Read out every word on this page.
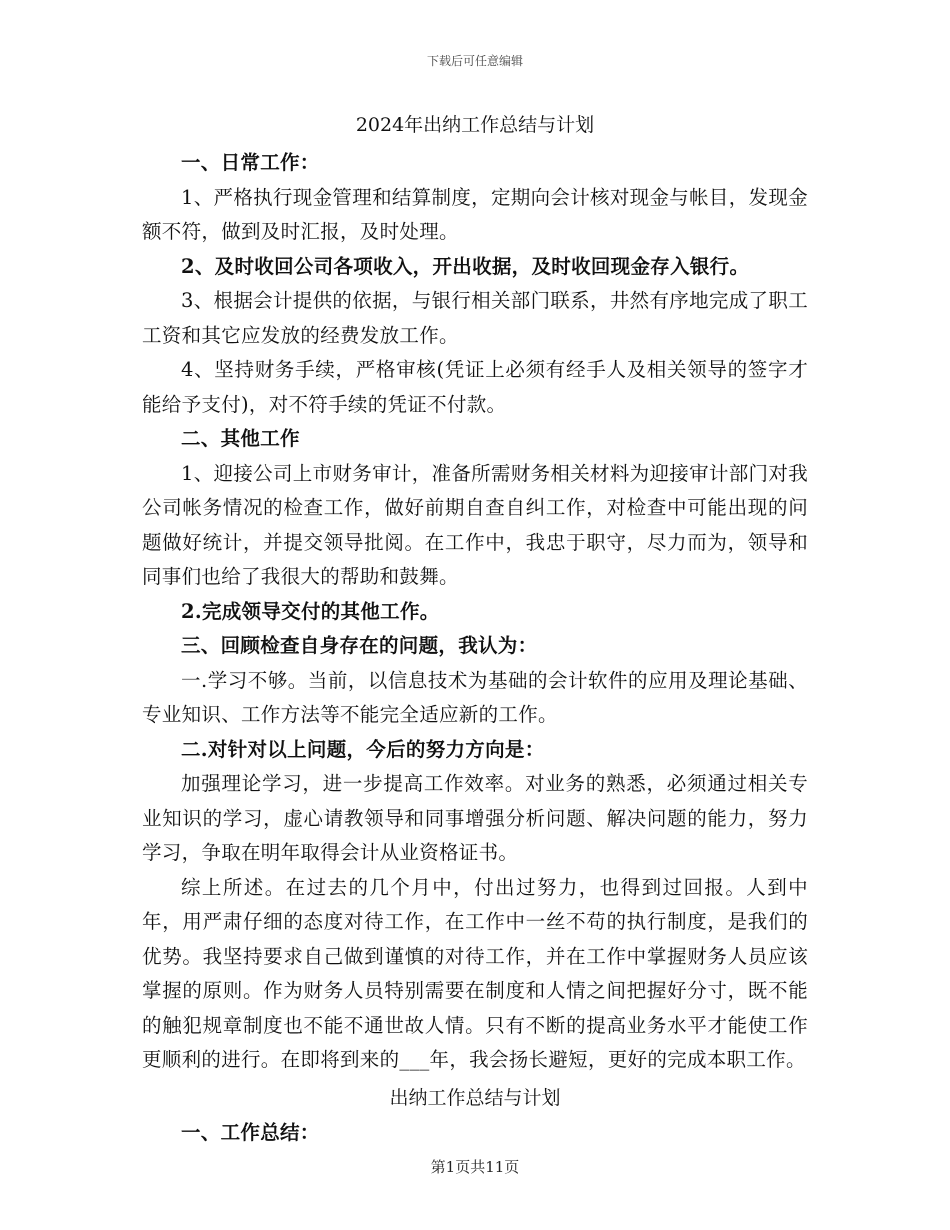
下载后可任意编辑
2024年出纳工作总结与计划

一、日常工作：

1、严格执行现金管理和结算制度，定期向会计核对现金与帐目，发现金额不符，做到及时汇报，及时处理。

2、及时收回公司各项收入，开出收据，及时收回现金存入银行。

3、根据会计提供的依据，与银行相关部门联系，井然有序地完成了职工工资和其它应发放的经费发放工作。

4、坚持财务手续，严格审核(凭证上必须有经手人及相关领导的签字才能给予支付)，对不符手续的凭证不付款。

二、其他工作

1、迎接公司上市财务审计，准备所需财务相关材料为迎接审计部门对我公司帐务情况的检查工作，做好前期自查自纠工作，对检查中可能出现的问题做好统计，并提交领导批阅。在工作中，我忠于职守，尽力而为，领导和同事们也给了我很大的帮助和鼓舞。

2.完成领导交付的其他工作。

三、回顾检查自身存在的问题，我认为：

一.学习不够。当前，以信息技术为基础的会计软件的应用及理论基础、专业知识、工作方法等不能完全适应新的工作。

二.对针对以上问题，今后的努力方向是：

加强理论学习，进一步提高工作效率。对业务的熟悉，必须通过相关专业知识的学习，虚心请教领导和同事增强分析问题、解决问题的能力，努力学习，争取在明年取得会计从业资格证书。

综上所述。在过去的几个月中，付出过努力，也得到过回报。人到中年，用严肃仔细的态度对待工作，在工作中一丝不苟的执行制度，是我们的优势。我坚持要求自己做到谨慎的对待工作，并在工作中掌握财务人员应该掌握的原则。作为财务人员特别需要在制度和人情之间把握好分寸，既不能的触犯规章制度也不能不通世故人情。只有不断的提高业务水平才能使工作更顺利的进行。在即将到来的___年，我会扬长避短，更好的完成本职工作。

出纳工作总结与计划

一、工作总结：

第1页共11页
